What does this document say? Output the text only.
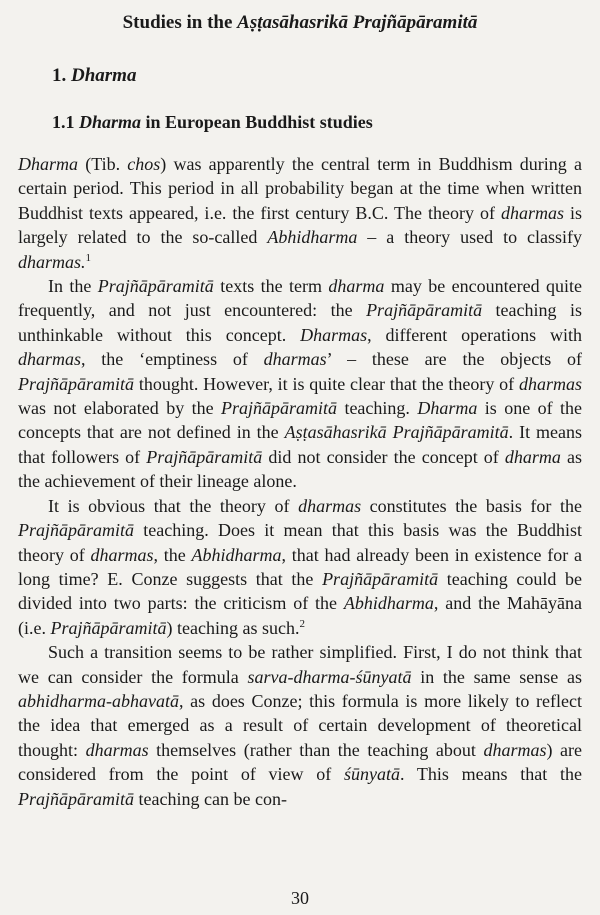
Studies in the Aṣṭasāhasrikā Prajñāpāramitā
1. Dharma
1.1 Dharma in European Buddhist studies

Dharma (Tib. chos) was apparently the central term in Buddhism during a certain period. This period in all probability began at the time when written Buddhist texts appeared, i.e. the first century B.C. The theory of dharmas is largely related to the so-called Abhidharma – a theory used to classify dharmas.$^1$

In the Prajñāpāramitā texts the term dharma may be encountered quite frequently, and not just encountered: the Prajñāpāramitā teaching is unthinkable without this concept. Dharmas, different operations with dharmas, the ‘emptiness of dharmas’ – these are the objects of Prajñāpāramitā thought. However, it is quite clear that the theory of dharmas was not elaborated by the Prajñāpāramitā teaching. Dharma is one of the concepts that are not defined in the Aṣṭasāhasrikā Prajñāpāramitā. It means that followers of Prajñāpāramitā did not consider the concept of dharma as the achievement of their lineage alone.

It is obvious that the theory of dharmas constitutes the basis for the Prajñāpāramitā teaching. Does it mean that this basis was the Buddhist theory of dharmas, the Abhidharma, that had already been in existence for a long time? E. Conze suggests that the Prajñāpāramitā teaching could be divided into two parts: the criticism of the Abhidharma, and the Mahāyāna (i.e. Prajñāpāramitā) teaching as such.$^2$

Such a transition seems to be rather simplified. First, I do not think that we can consider the formula sarva-dharma-śūnyatā in the same sense as abhidharma-abhavatā, as does Conze; this formula is more likely to reflect the idea that emerged as a result of certain development of theoretical thought: dharmas themselves (rather than the teaching about dharmas) are considered from the point of view of śūnyatā. This means that the Prajñāpāramitā teaching can be con-

30
